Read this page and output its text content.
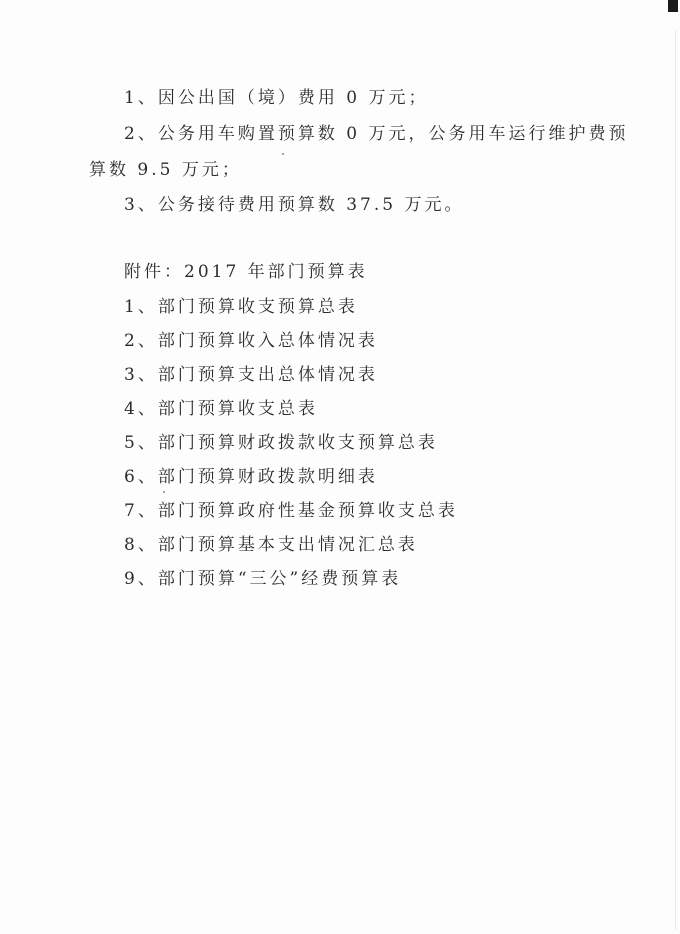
1、因公出国（境）费用 0 万元；
2、公务用车购置预算数 0 万元，公务用车运行维护费预
算数 9.5 万元；
3、公务接待费用预算数 37.5 万元。
附件：2017 年部门预算表
1、部门预算收支预算总表
2、部门预算收入总体情况表
3、部门预算支出总体情况表
4、部门预算收支总表
5、部门预算财政拨款收支预算总表
6、部门预算财政拨款明细表
7、部门预算政府性基金预算收支总表
8、部门预算基本支出情况汇总表
9、部门预算“三公”经费预算表
